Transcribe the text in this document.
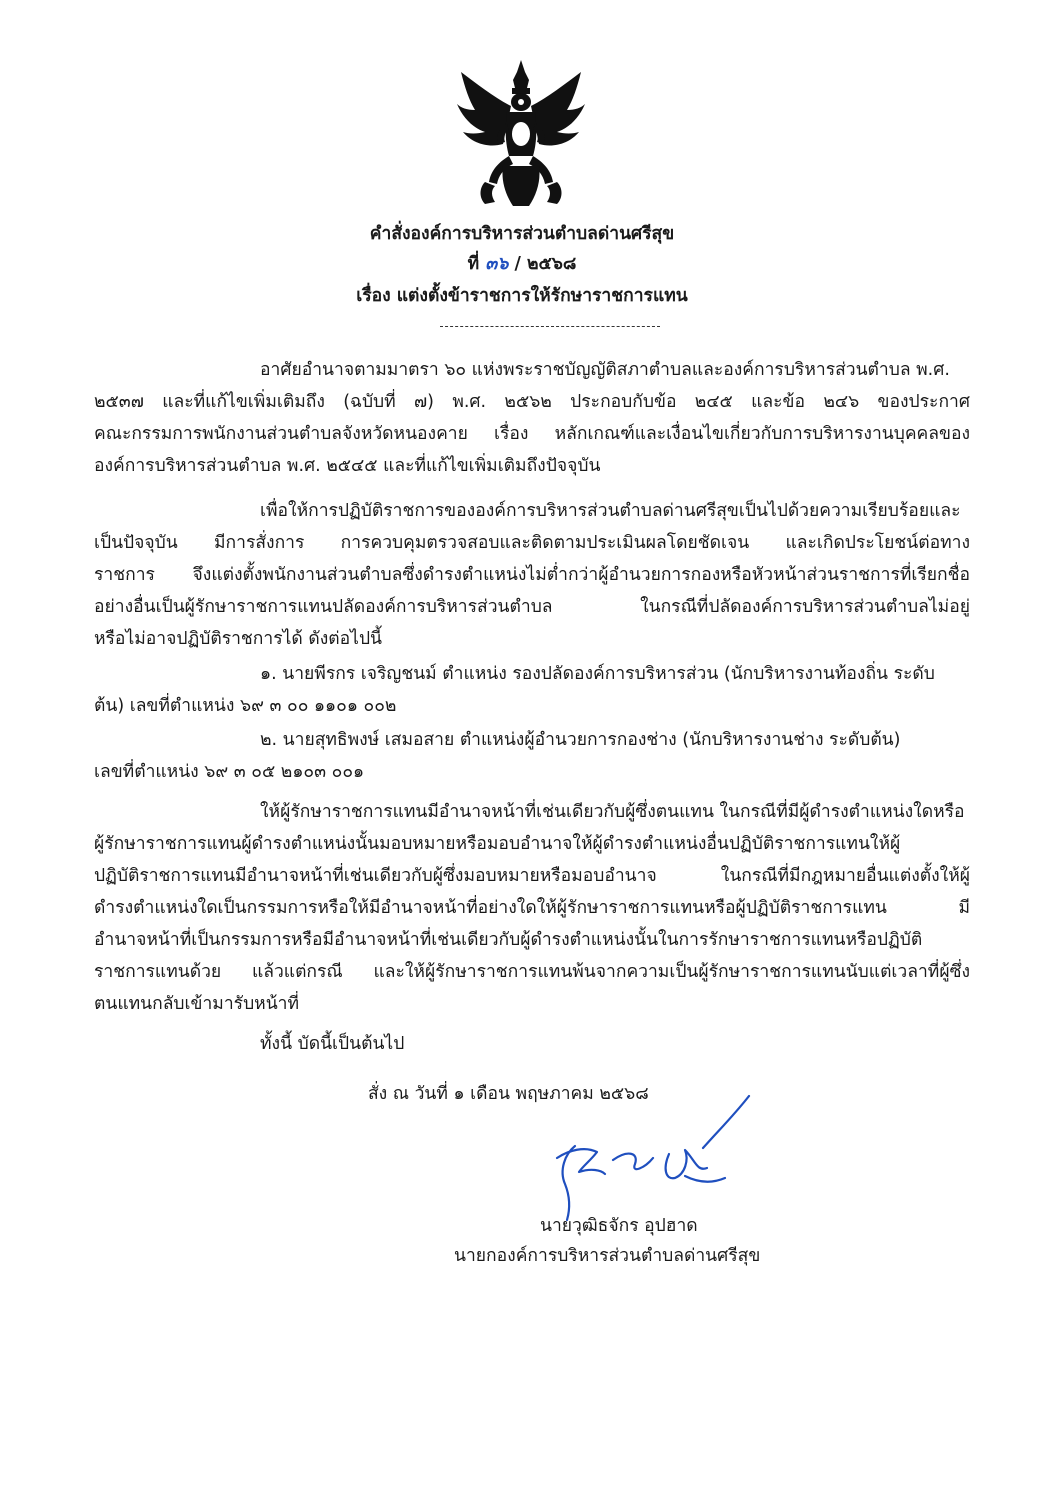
คำสั่งองค์การบริหารส่วนตำบลด่านศรีสุข
ที่ ๓๖ / ๒๕๖๘
เรื่อง แต่งตั้งข้าราชการให้รักษาราชการแทน
อาศัยอำนาจตามมาตรา ๖๐ แห่งพระราชบัญญัติสภาตำบลและองค์การบริหารส่วนตำบล พ.ศ.
๒๕๓๗ และที่แก้ไขเพิ่มเติมถึง (ฉบับที่ ๗) พ.ศ. ๒๕๖๒ ประกอบกับข้อ ๒๔๕ และข้อ ๒๔๖ ของประกาศ
คณะกรรมการพนักงานส่วนตำบลจังหวัดหนองคาย เรื่อง หลักเกณฑ์และเงื่อนไขเกี่ยวกับการบริหารงานบุคคลของ
องค์การบริหารส่วนตำบล พ.ศ. ๒๕๔๕ และที่แก้ไขเพิ่มเติมถึงปัจจุบัน
เพื่อให้การปฏิบัติราชการขององค์การบริหารส่วนตำบลด่านศรีสุขเป็นไปด้วยความเรียบร้อยและ
เป็นปัจจุบัน มีการสั่งการ การควบคุมตรวจสอบและติดตามประเมินผลโดยชัดเจน และเกิดประโยชน์ต่อทาง
ราชการ จึงแต่งตั้งพนักงานส่วนตำบลซึ่งดำรงตำแหน่งไม่ต่ำกว่าผู้อำนวยการกองหรือหัวหน้าส่วนราชการที่เรียกชื่อ
อย่างอื่นเป็นผู้รักษาราชการแทนปลัดองค์การบริหารส่วนตำบล ในกรณีที่ปลัดองค์การบริหารส่วนตำบลไม่อยู่
หรือไม่อาจปฏิบัติราชการได้ ดังต่อไปนี้
๑. นายพีรกร เจริญชนม์ ตำแหน่ง รองปลัดองค์การบริหารส่วน (นักบริหารงานท้องถิ่น ระดับ
ต้น) เลขที่ตำแหน่ง ๖๙ ๓ ๐๐ ๑๑๐๑ ๐๐๒
๒. นายสุทธิพงษ์ เสมอสาย ตำแหน่งผู้อำนวยการกองช่าง (นักบริหารงานช่าง ระดับต้น)
เลขที่ตำแหน่ง ๖๙ ๓ ๐๕ ๒๑๐๓ ๐๐๑
ให้ผู้รักษาราชการแทนมีอำนาจหน้าที่เช่นเดียวกับผู้ซึ่งตนแทน ในกรณีที่มีผู้ดำรงตำแหน่งใดหรือ
ผู้รักษาราชการแทนผู้ดำรงตำแหน่งนั้นมอบหมายหรือมอบอำนาจให้ผู้ดำรงตำแหน่งอื่นปฏิบัติราชการแทนให้ผู้
ปฏิบัติราชการแทนมีอำนาจหน้าที่เช่นเดียวกับผู้ซึ่งมอบหมายหรือมอบอำนาจ ในกรณีที่มีกฎหมายอื่นแต่งตั้งให้ผู้
ดำรงตำแหน่งใดเป็นกรรมการหรือให้มีอำนาจหน้าที่อย่างใดให้ผู้รักษาราชการแทนหรือผู้ปฏิบัติราชการแทน มี
อำนาจหน้าที่เป็นกรรมการหรือมีอำนาจหน้าที่เช่นเดียวกับผู้ดำรงตำแหน่งนั้นในการรักษาราชการแทนหรือปฏิบัติ
ราชการแทนด้วย แล้วแต่กรณี และให้ผู้รักษาราชการแทนพ้นจากความเป็นผู้รักษาราชการแทนนับแต่เวลาที่ผู้ซึ่ง
ตนแทนกลับเข้ามารับหน้าที่
ทั้งนี้ บัดนี้เป็นต้นไป
สั่ง ณ วันที่ ๑ เดือน พฤษภาคม ๒๕๖๘
นายวุฒิธจักร อุปฮาด
นายกองค์การบริหารส่วนตำบลด่านศรีสุข
